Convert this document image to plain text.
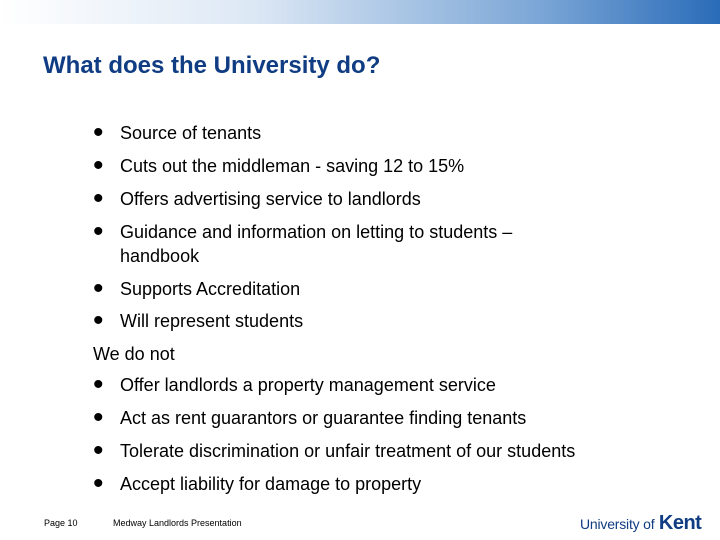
What does the University do?
• Source of tenants
• Cuts out the middleman - saving 12 to 15%
• Offers advertising service to landlords
• Guidance and information on letting to students –
handbook
• Supports Accreditation
• Will represent students
We do not
• Offer landlords a property management service
• Act as rent guarantors or guarantee finding tenants
• Tolerate discrimination or unfair treatment of our students
• Accept liability for damage to property
Page 10	Medway Landlords Presentation	University of Kent
